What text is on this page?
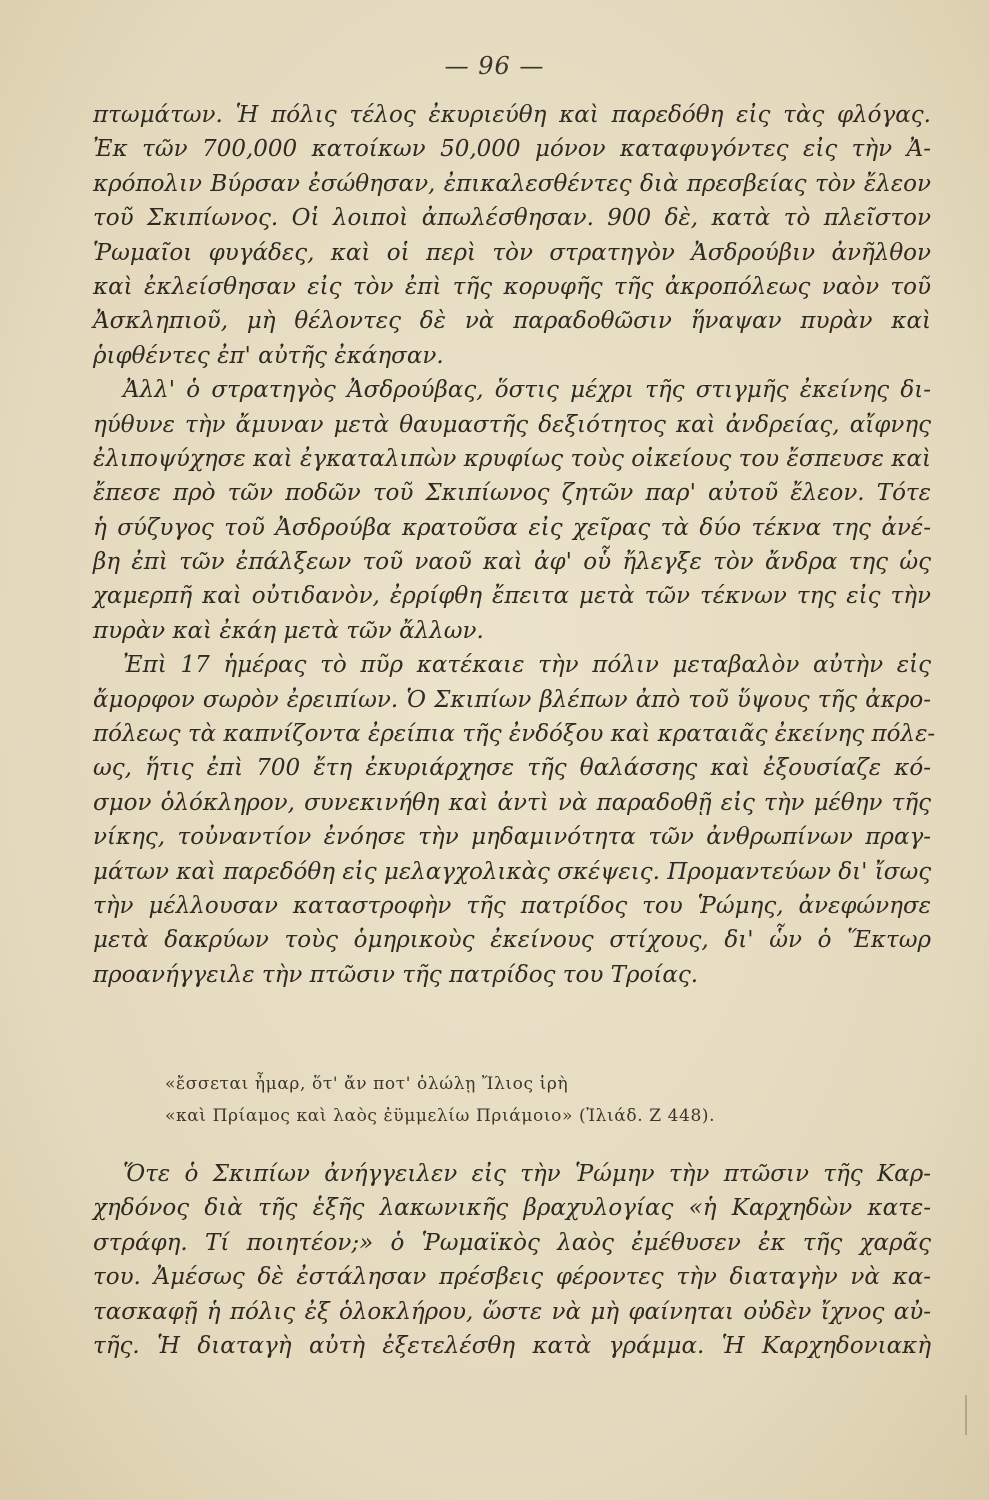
— 96 —
πτωμάτων. Ἡ πόλις τέλος ἐκυριεύθη καὶ παρεδόθη εἰς τὰς φλόγας.
Ἐκ τῶν 700,000 κατοίκων 50,000 μόνον καταφυγόντες εἰς τὴν Ἀ-
κρόπολιν Βύρσαν ἐσώθησαν, ἐπικαλεσθέντες διὰ πρεσβείας τὸν ἔλεον
τοῦ Σκιπίωνος. Οἱ λοιποὶ ἀπωλέσθησαν. 900 δὲ, κατὰ τὸ πλεῖστον
Ῥωμαῖοι φυγάδες, καὶ οἱ περὶ τὸν στρατηγὸν Ἀσδρούβιν ἀνῆλθον
καὶ ἐκλείσθησαν εἰς τὸν ἐπὶ τῆς κορυφῆς τῆς ἀκροπόλεως ναὸν τοῦ
Ἀσκληπιοῦ, μὴ θέλοντες δὲ νὰ παραδοθῶσιν ἥναψαν πυρὰν καὶ
ῥιφθέντες ἐπ' αὐτῆς ἐκάησαν.
Ἀλλ' ὁ στρατηγὸς Ἀσδρούβας, ὅστις μέχρι τῆς στιγμῆς ἐκείνης δι-
ηύθυνε τὴν ἄμυναν μετὰ θαυμαστῆς δεξιότητος καὶ ἀνδρείας, αἴφνης
ἐλιποψύχησε καὶ ἐγκαταλιπὼν κρυφίως τοὺς οἰκείους του ἔσπευσε καὶ
ἔπεσε πρὸ τῶν ποδῶν τοῦ Σκιπίωνος ζητῶν παρ' αὐτοῦ ἔλεον. Τότε
ἡ σύζυγος τοῦ Ἀσδρούβα κρατοῦσα εἰς χεῖρας τὰ δύο τέκνα της ἀνέ-
βη ἐπὶ τῶν ἐπάλξεων τοῦ ναοῦ καὶ ἀφ' οὗ ἤλεγξε τὸν ἄνδρα της ὡς
χαμερπῆ καὶ οὐτιδανὸν, ἐρρίφθη ἔπειτα μετὰ τῶν τέκνων της εἰς τὴν
πυρὰν καὶ ἐκάη μετὰ τῶν ἄλλων.
Ἐπὶ 17 ἡμέρας τὸ πῦρ κατέκαιε τὴν πόλιν μεταβαλὸν αὐτὴν εἰς
ἄμορφον σωρὸν ἐρειπίων. Ὁ Σκιπίων βλέπων ἀπὸ τοῦ ὕψους τῆς ἀκρο-
πόλεως τὰ καπνίζοντα ἐρείπια τῆς ἐνδόξου καὶ κραταιᾶς ἐκείνης πόλε-
ως, ἥτις ἐπὶ 700 ἔτη ἐκυριάρχησε τῆς θαλάσσης καὶ ἐξουσίαζε κό-
σμον ὁλόκληρον, συνεκινήθη καὶ ἀντὶ νὰ παραδοθῇ εἰς τὴν μέθην τῆς
νίκης, τοὐναντίον ἐνόησε τὴν μηδαμινότητα τῶν ἀνθρωπίνων πραγ-
μάτων καὶ παρεδόθη εἰς μελαγχολικὰς σκέψεις. Προμαντεύων δι' ἴσως
τὴν μέλλουσαν καταστροφὴν τῆς πατρίδος του Ῥώμης, ἀνεφώνησε
μετὰ δακρύων τοὺς ὁμηρικοὺς ἐκείνους στίχους, δι' ὧν ὁ Ἕκτωρ
προανήγγειλε τὴν πτῶσιν τῆς πατρίδος του Τροίας.
«ἔσσεται ἦμαρ, ὅτ' ἄν ποτ' ὀλώλῃ Ἴλιος ἱρὴ
«καὶ Πρίαμος καὶ λαὸς ἐϋμμελίω Πριάμοιο» (Ἰλιάδ. Ζ 448).
Ὅτε ὁ Σκιπίων ἀνήγγειλεν εἰς τὴν Ῥώμην τὴν πτῶσιν τῆς Καρ-
χηδόνος διὰ τῆς ἑξῆς λακωνικῆς βραχυλογίας «ἡ Καρχηδὼν κατε-
στράφη. Τί ποιητέον;» ὁ Ῥωμαϊκὸς λαὸς ἐμέθυσεν ἐκ τῆς χαρᾶς
του. Ἀμέσως δὲ ἐστάλησαν πρέσβεις φέροντες τὴν διαταγὴν νὰ κα-
τασκαφῇ ἡ πόλις ἐξ ὁλοκλήρου, ὥστε νὰ μὴ φαίνηται οὐδὲν ἴχνος αὐ-
τῆς. Ἡ διαταγὴ αὐτὴ ἐξετελέσθη κατὰ γράμμα. Ἡ Καρχηδονιακὴ
